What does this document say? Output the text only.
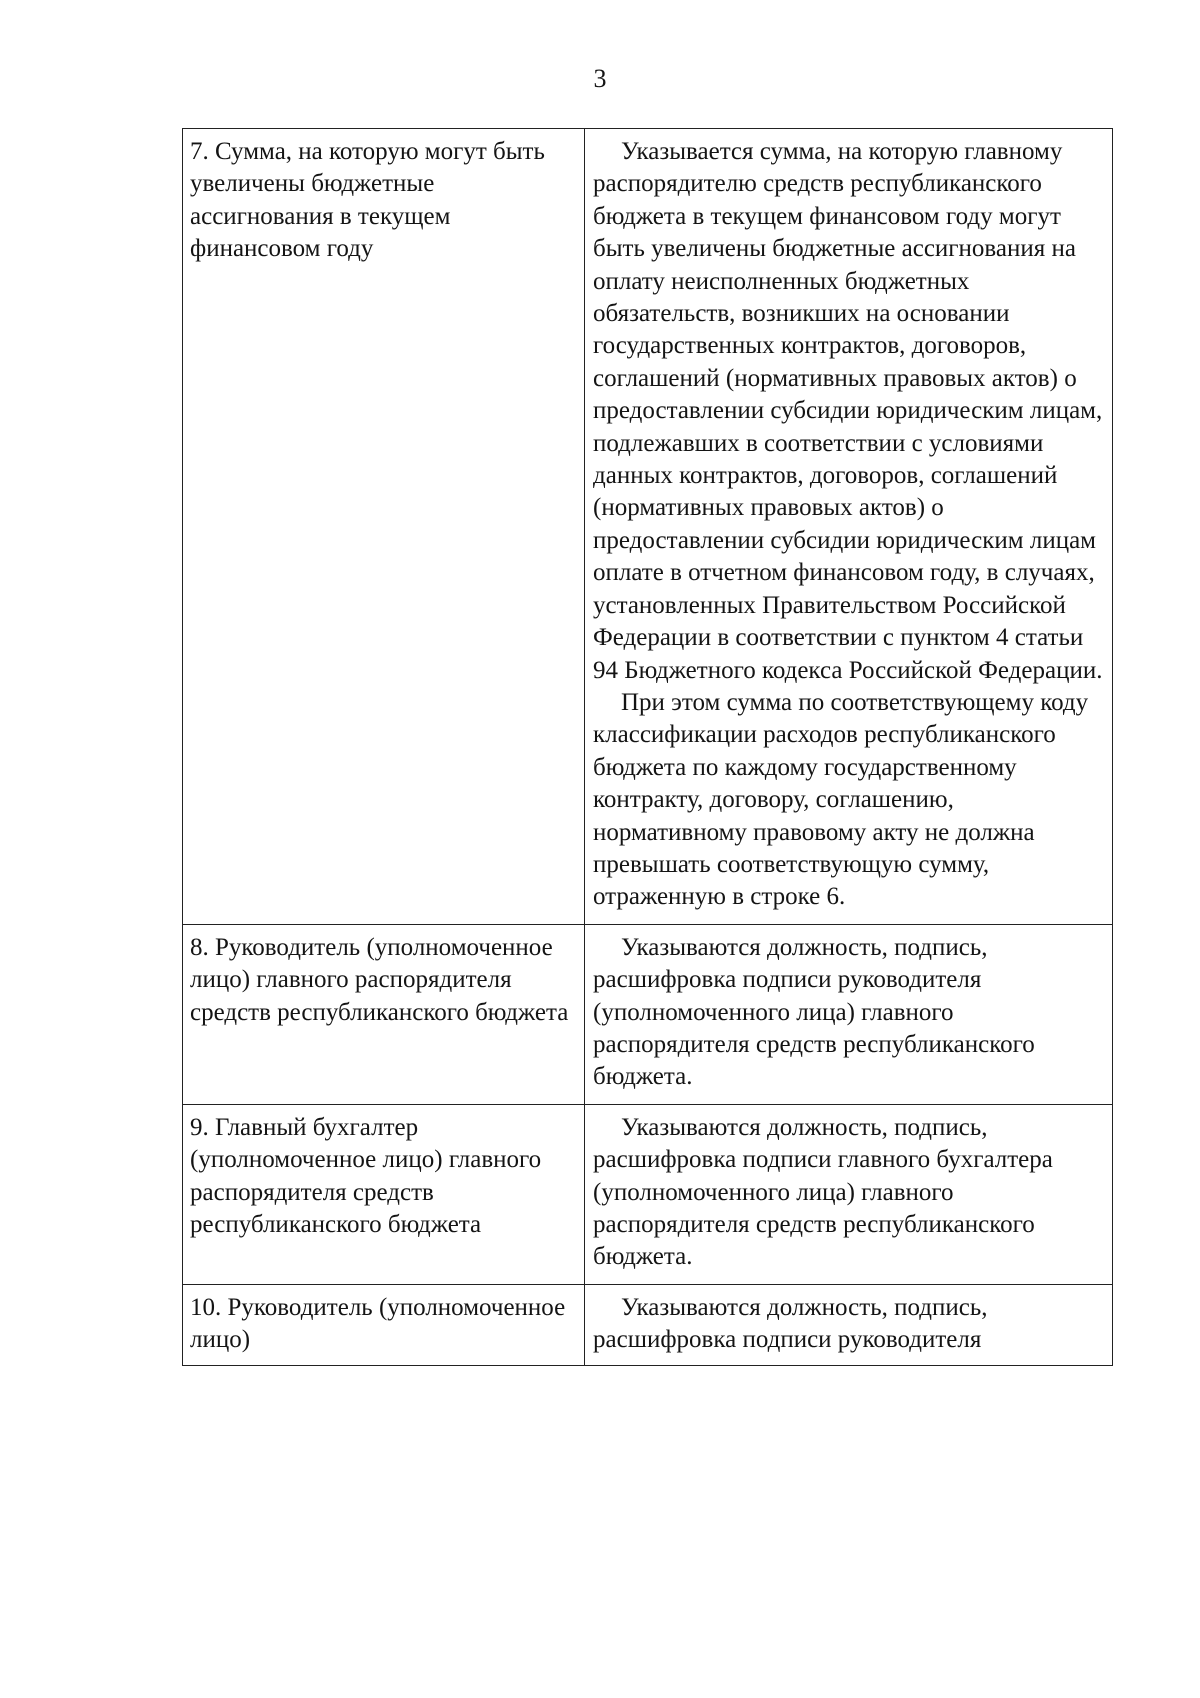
3
7. Сумма, на которую могут быть увеличены бюджетные ассигнования в текущем финансовом году	Указывается сумма, на которую главному распорядителю средств республиканского бюджета в текущем финансовом году могут быть увеличены бюджетные ассигнования на оплату неисполненных бюджетных обязательств, возникших на основании государственных контрактов, договоров, соглашений (нормативных правовых актов) о предоставлении субсидии юридическим лицам, подлежавших в соответствии с условиями данных контрактов, договоров, соглашений (нормативных правовых актов) о предоставлении субсидии юридическим лицам оплате в отчетном финансовом году, в случаях, установленных Правительством Российской Федерации в соответствии с пунктом 4 статьи 94 Бюджетного кодекса Российской Федерации.

При этом сумма по соответствующему коду классификации расходов республиканского бюджета по каждому государственному контракту, договору, соглашению, нормативному правовому акту не должна превышать соответствующую сумму, отраженную в строке 6.

8. Руководитель (уполномоченное лицо) главного распорядителя средств республиканского бюджета	Указываются должность, подпись, расшифровка подписи руководителя (уполномоченного лица) главного распорядителя средств республиканского бюджета.

9. Главный бухгалтер (уполномоченное лицо) главного распорядителя средств республиканского бюджета	Указываются должность, подпись, расшифровка подписи главного бухгалтера (уполномоченного лица) главного распорядителя средств республиканского бюджета.

10. Руководитель (уполномоченное лицо)	Указываются должность, подпись, расшифровка подписи руководителя
